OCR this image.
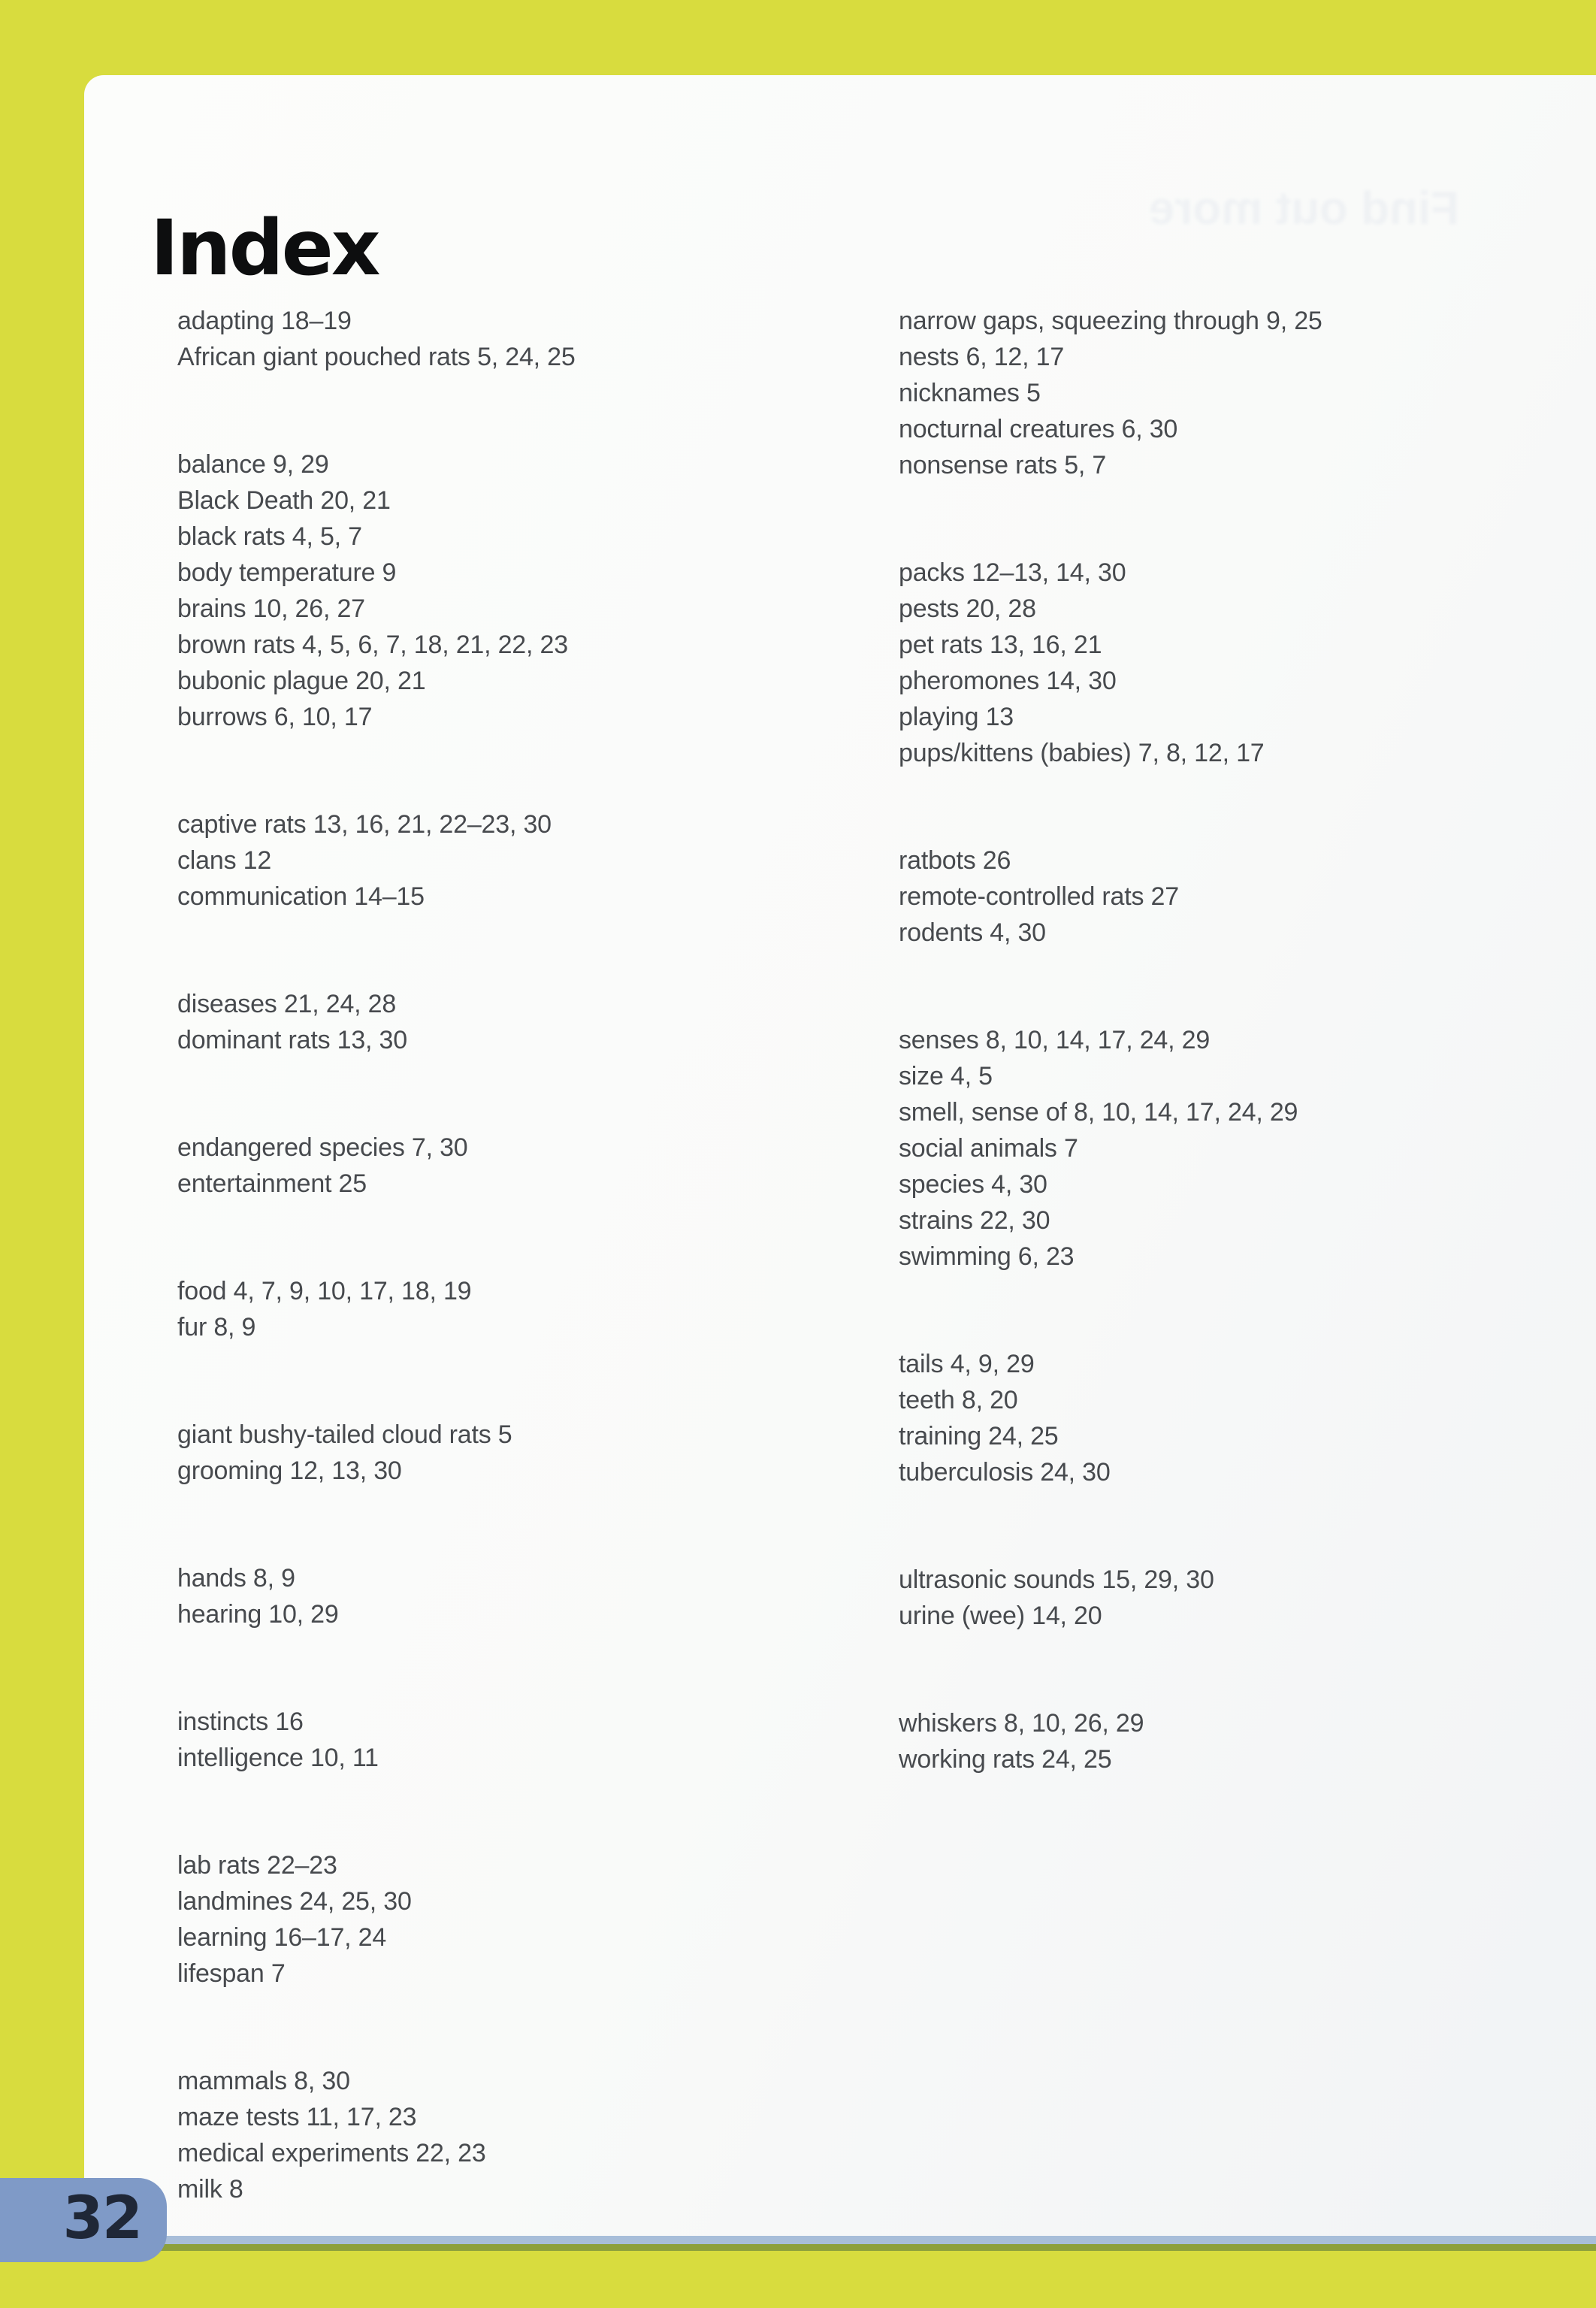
Find out more
Index
adapting 18–19
African giant pouched rats 5, 24, 25
balance 9, 29
Black Death 20, 21
black rats 4, 5, 7
body temperature 9
brains 10, 26, 27
brown rats 4, 5, 6, 7, 18, 21, 22, 23
bubonic plague 20, 21
burrows 6, 10, 17
captive rats 13, 16, 21, 22–23, 30
clans 12
communication 14–15
diseases 21, 24, 28
dominant rats 13, 30
endangered species 7, 30
entertainment 25
food 4, 7, 9, 10, 17, 18, 19
fur 8, 9
giant bushy-tailed cloud rats 5
grooming 12, 13, 30
hands 8, 9
hearing 10, 29
instincts 16
intelligence 10, 11
lab rats 22–23
landmines 24, 25, 30
learning 16–17, 24
lifespan 7
mammals 8, 30
maze tests 11, 17, 23
medical experiments 22, 23
milk 8
narrow gaps, squeezing through 9, 25
nests 6, 12, 17
nicknames 5
nocturnal creatures 6, 30
nonsense rats 5, 7
packs 12–13, 14, 30
pests 20, 28
pet rats 13, 16, 21
pheromones 14, 30
playing 13
pups/kittens (babies) 7, 8, 12, 17
ratbots 26
remote-controlled rats 27
rodents 4, 30
senses 8, 10, 14, 17, 24, 29
size 4, 5
smell, sense of 8, 10, 14, 17, 24, 29
social animals 7
species 4, 30
strains 22, 30
swimming 6, 23
tails 4, 9, 29
teeth 8, 20
training 24, 25
tuberculosis 24, 30
ultrasonic sounds 15, 29, 30
urine (wee) 14, 20
whiskers 8, 10, 26, 29
working rats 24, 25
32
